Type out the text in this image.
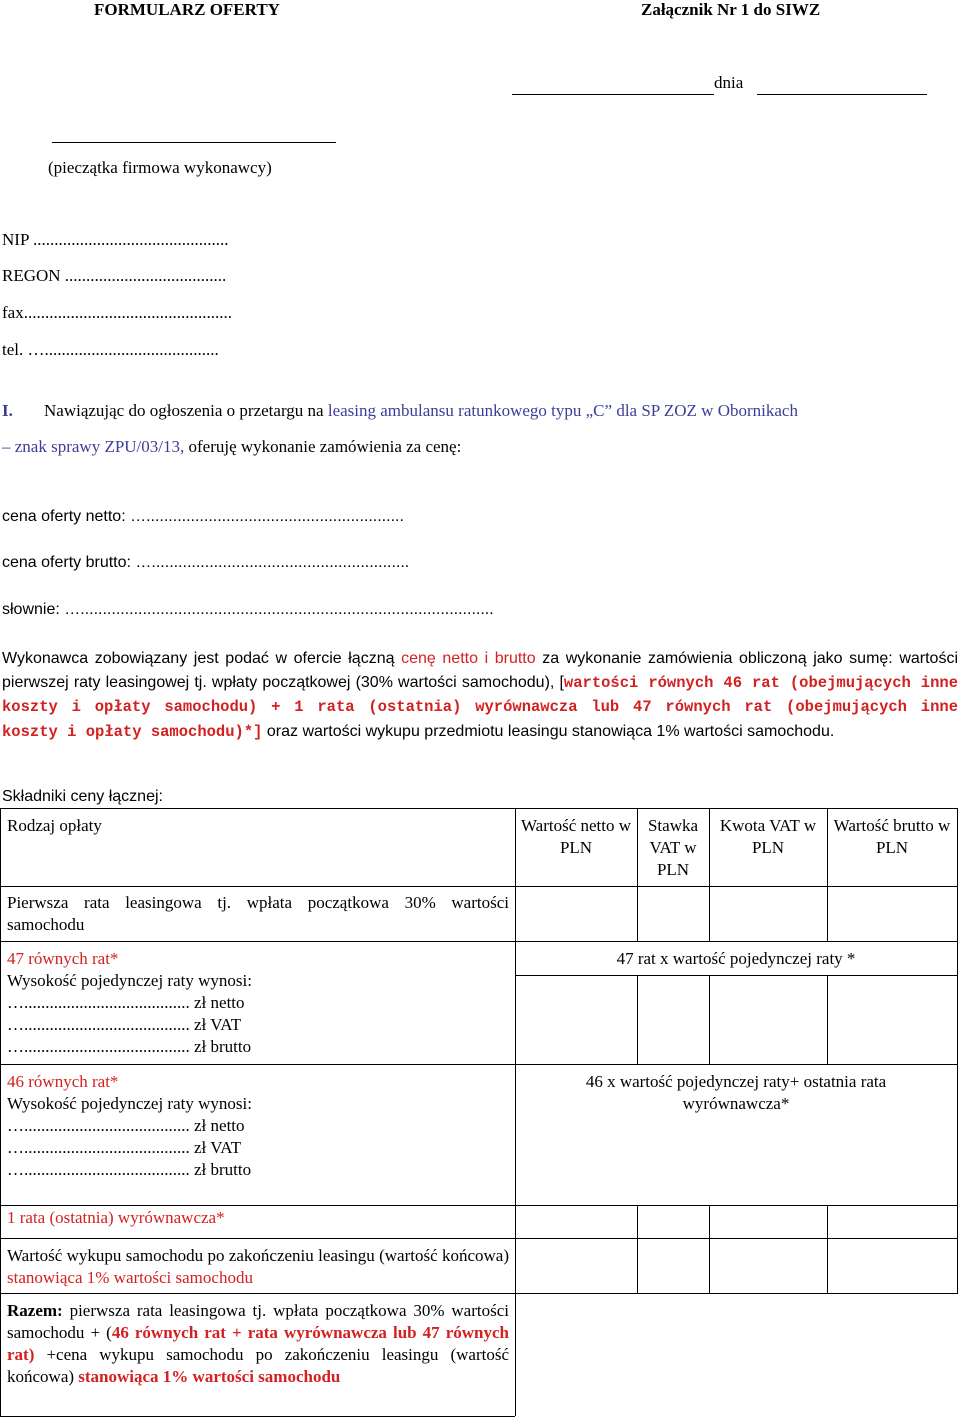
FORMULARZ OFERTY	Załącznik Nr 1 do SIWZ
dnia
(pieczątka firmowa wykonawcy)
NIP ..............................................
REGON ......................................
fax.................................................
tel. ….........................................
I. Nawiązując do ogłoszenia o przetargu na leasing ambulansu ratunkowego typu „C” dla SP ZOZ w Obornikach
– znak sprawy ZPU/03/13, oferuję wykonanie zamówienia za cenę:
cena oferty netto: …..........................................................
cena oferty brutto: …..........................................................
słownie: ….............................................................................................
Wykonawca zobowiązany jest podać w ofercie łączną cenę netto i brutto za wykonanie zamówienia obliczoną jako sumę: wartości pierwszej raty leasingowej tj. wpłaty początkowej (30% wartości samochodu), [wartości równych 46 rat (obejmujących inne koszty i opłaty samochodu) + 1 rata (ostatnia) wyrównawcza lub 47 równych rat (obejmujących inne koszty i opłaty samochodu)*] oraz wartości wykupu przedmiotu leasingu stanowiąca 1% wartości samochodu.
Składniki ceny łącznej:
Rodzaj opłaty	Wartość netto w PLN
Stawka VAT w PLN
Kwota VAT w PLN
Wartość brutto w PLN
Pierwsza rata leasingowa tj. wpłata początkowa 30% wartości samochodu
47 równych rat*
Wysokość pojedynczej raty wynosi:
…....................................... zł netto
…....................................... zł VAT
…....................................... zł brutto
47 rat x wartość pojedynczej raty *
46 równych rat*
Wysokość pojedynczej raty wynosi:
…....................................... zł netto
…....................................... zł VAT
…....................................... zł brutto
46 x wartość pojedynczej raty+ ostatnia rata wyrównawcza*
1 rata (ostatnia) wyrównawcza*
Wartość wykupu samochodu po zakończeniu leasingu (wartość końcowa) stanowiąca 1% wartości samochodu
Razem: pierwsza rata leasingowa tj. wpłata początkowa 30% wartości samochodu + (46 równych rat + rata wyrównawcza lub 47 równych rat) +cena wykupu samochodu po zakończeniu leasingu (wartość końcowa) stanowiąca 1% wartości samochodu
